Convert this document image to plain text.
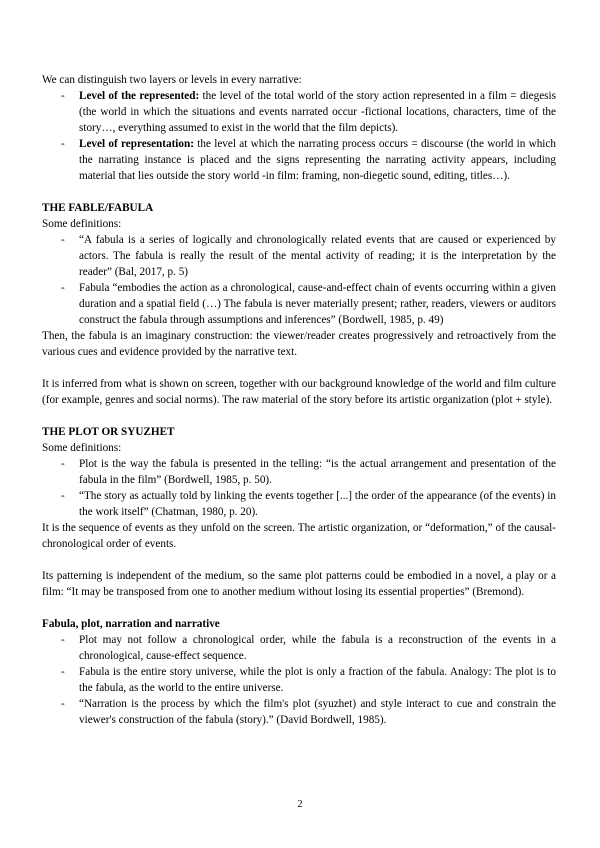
We can distinguish two layers or levels in every narrative:

- Level of the represented: the level of the total world of the story action represented in a film = diegesis (the world in which the situations and events narrated occur -fictional locations, characters, time of the story…, everything assumed to exist in the world that the film depicts).
- Level of representation: the level at which the narrating process occurs = discourse (the world in which the narrating instance is placed and the signs representing the narrating activity appears, including material that lies outside the story world -in film: framing, non-diegetic sound, editing, titles…).

THE FABLE/FABULA

Some definitions:

- “A fabula is a series of logically and chronologically related events that are caused or experienced by actors. The fabula is really the result of the mental activity of reading; it is the interpretation by the reader” (Bal, 2017, p. 5)
- Fabula “embodies the action as a chronological, cause-and-effect chain of events occurring within a given duration and a spatial field (…) The fabula is never materially present; rather, readers, viewers or auditors construct the fabula through assumptions and inferences” (Bordwell, 1985, p. 49)

Then, the fabula is an imaginary construction: the viewer/reader creates progressively and retroactively from the various cues and evidence provided by the narrative text.

It is inferred from what is shown on screen, together with our background knowledge of the world and film culture (for example, genres and social norms). The raw material of the story before its artistic organization (plot + style).

THE PLOT OR SYUZHET

Some definitions:

- Plot is the way the fabula is presented in the telling: “is the actual arrangement and presentation of the fabula in the film” (Bordwell, 1985, p. 50).
- “The story as actually told by linking the events together [...] the order of the appearance (of the events) in the work itself” (Chatman, 1980, p. 20).

It is the sequence of events as they unfold on the screen. The artistic organization, or “deformation,” of the causal-chronological order of events.

Its patterning is independent of the medium, so the same plot patterns could be embodied in a novel, a play or a film: “It may be transposed from one to another medium without losing its essential properties” (Bremond).

Fabula, plot, narration and narrative

- Plot may not follow a chronological order, while the fabula is a reconstruction of the events in a chronological, cause-effect sequence.
- Fabula is the entire story universe, while the plot is only a fraction of the fabula. Analogy: The plot is to the fabula, as the world to the entire universe.
- “Narration is the process by which the film's plot (syuzhet) and style interact to cue and constrain the viewer's construction of the fabula (story).” (David Bordwell, 1985).
2
